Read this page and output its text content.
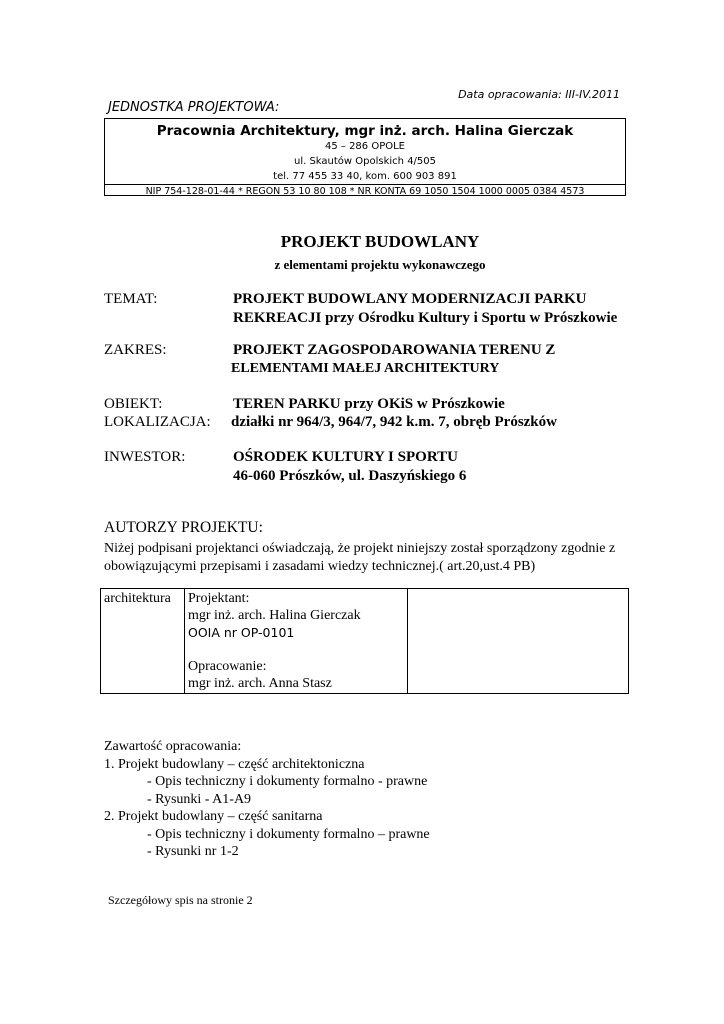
Data opracowania: III-IV.2011
JEDNOSTKA PROJEKTOWA:
Pracownia Architektury, mgr inż. arch. Halina Gierczak
45 – 286 OPOLE
ul. Skautów Opolskich 4/505
tel. 77 455 33 40, kom. 600 903 891
NIP 754-128-01-44 * REGON 53 10 80 108 * NR KONTA 69 1050 1504 1000 0005 0384 4573
PROJEKT BUDOWLANY
z elementami projektu wykonawczego
TEMAT:	PROJEKT BUDOWLANY MODERNIZACJI PARKU
REKREACJI przy Ośrodku Kultury i Sportu w Prószkowie
ZAKRES:	PROJEKT ZAGOSPODAROWANIA TERENU Z
ELEMENTAMI MAŁEJ ARCHITEKTURY
OBIEKT:	TEREN PARKU przy OKiS w Prószkowie
LOKALIZACJA: działki nr 964/3, 964/7, 942 k.m. 7, obręb Prószków
INWESTOR:	OŚRODEK KULTURY I SPORTU
46-060 Prószków, ul. Daszyńskiego 6
AUTORZY PROJEKTU:
Niżej podpisani projektanci oświadczają, że projekt niniejszy został sporządzony zgodnie z obowiązującymi przepisami i zasadami wiedzy technicznej.( art.20,ust.4 PB)
architektura	Projektant:
mgr inż. arch. Halina Gierczak
OOIA nr OP-0101
Opracowanie:
mgr inż. arch. Anna Stasz

Zawartość opracowania:
1. Projekt budowlany – część architektoniczna
- Opis techniczny i dokumenty formalno - prawne
- Rysunki - A1-A9
2. Projekt budowlany – część sanitarna
- Opis techniczny i dokumenty formalno – prawne
- Rysunki nr 1-2
Szczegółowy spis na stronie 2
